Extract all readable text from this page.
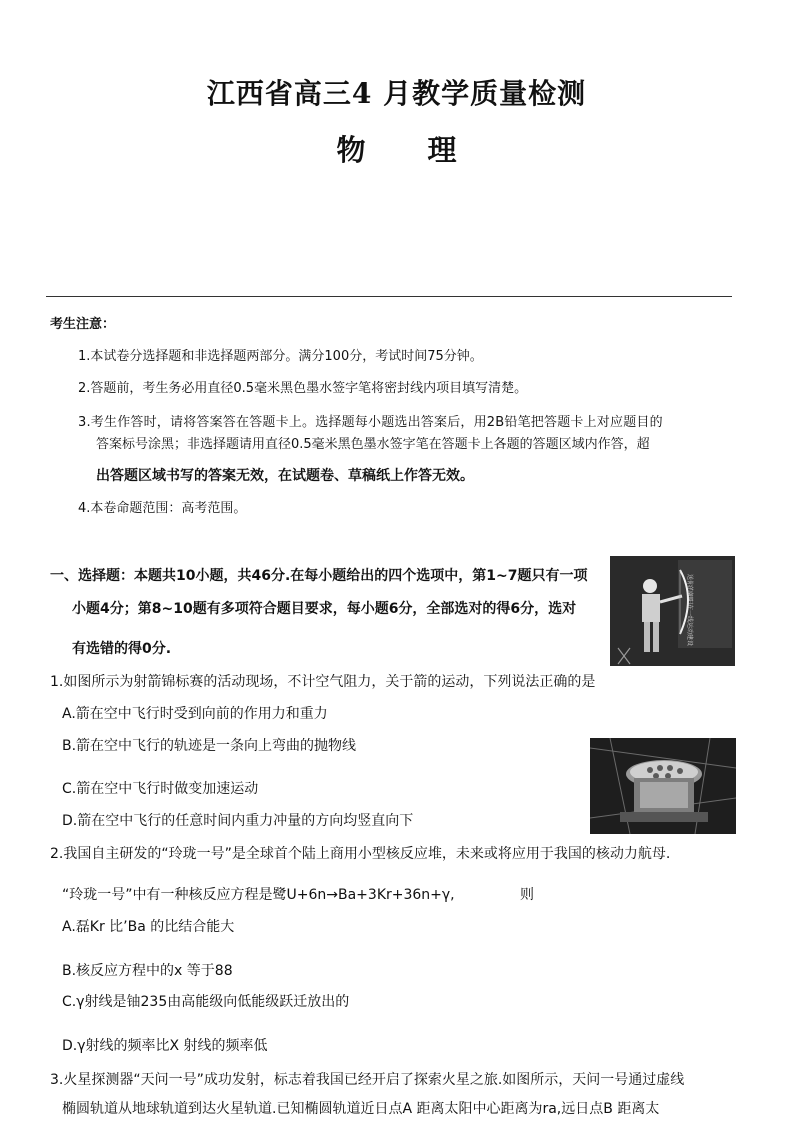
江西省高三4 月教学质量检测
物 理
考生注意：
1.本试卷分选择题和非选择题两部分。满分100分，考试时间75分钟。
2.答题前，考生务必用直径0.5毫米黑色墨水签字笔将密封线内项目填写清楚。
3.考生作答时，请将答案答在答题卡上。选择题每小题选出答案后，用2B铅笔把答题卡上对应题目的
答案标号涂黑；非选择题请用直径0.5毫米黑色墨水签字笔在答题卡上各题的答题区域内作答，超
出答题区域书写的答案无效，在试题卷、草稿纸上作答无效。
4.本卷命题范围：高考范围。
一、选择题：本题共10小题，共46分.在每小题给出的四个选项中，第1~7题只有一项
小题4分；第8~10题有多项符合题目要求，每小题6分，全部选对的得6分，选对
有选错的得0分.
送你的朝阳在一线运动建设
1.如图所示为射箭锦标赛的活动现场，不计空气阻力，关于箭的运动，下列说法正确的是
A.箭在空中飞行时受到向前的作用力和重力
B.箭在空中飞行的轨迹是一条向上弯曲的抛物线
C.箭在空中飞行时做变加速运动
D.箭在空中飞行的任意时间内重力冲量的方向均竖直向下
2.我国自主研发的“玲珑一号”是全球首个陆上商用小型核反应堆，未来或将应用于我国的核动力航母.
“玲珑一号”中有一种核反应方程是鹭U+6n→Ba+3Kr+36n+γ,	则
A.磊Kr 比’Ba 的比结合能大
B.核反应方程中的x 等于88
C.γ射线是铀235由高能级向低能级跃迁放出的
D.γ射线的频率比X 射线的频率低
3.火星探测器“天问一号”成功发射，标志着我国已经开启了探索火星之旅.如图所示，天问一号通过虚线
椭圆轨道从地球轨道到达火星轨道.已知椭圆轨道近日点A 距离太阳中心距离为ra,远日点B 距离太
